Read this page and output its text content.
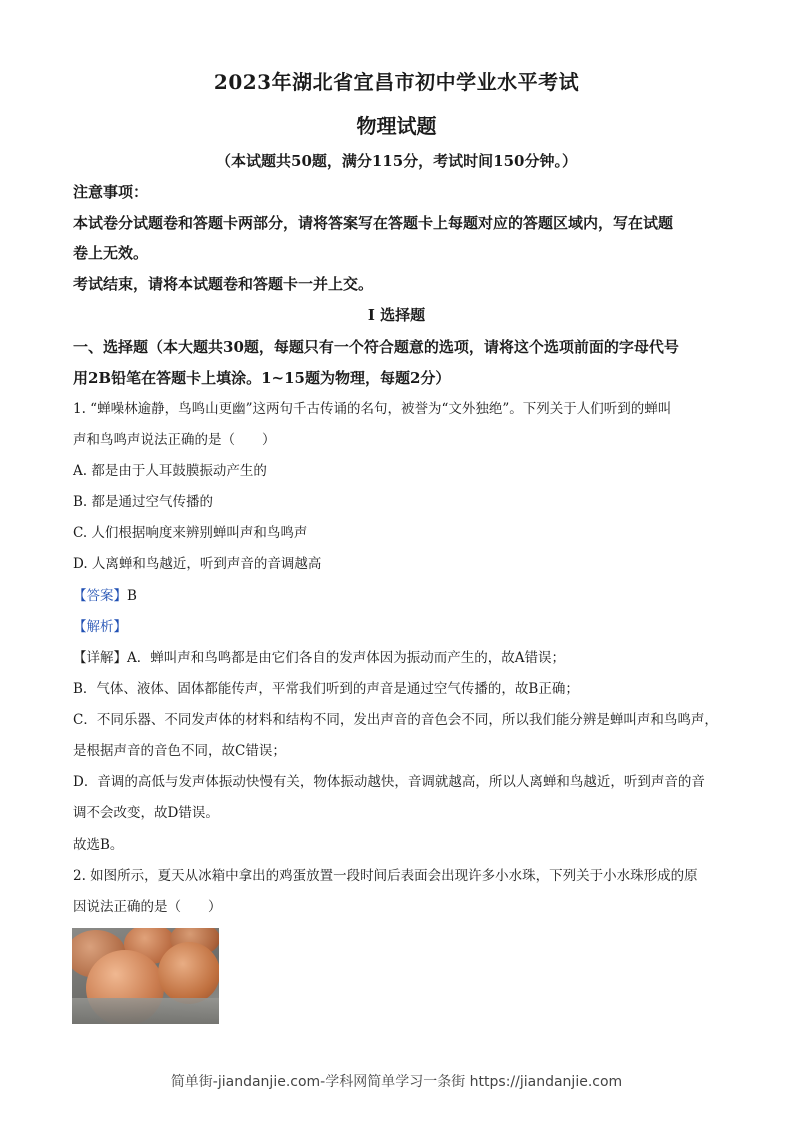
2023年湖北省宜昌市初中学业水平考试
物理试题
（本试题共50题，满分115分，考试时间150分钟。）
注意事项：
本试卷分试题卷和答题卡两部分，请将答案写在答题卡上每题对应的答题区域内，写在试题
卷上无效。
考试结束，请将本试题卷和答题卡一并上交。
I 选择题
一、选择题（本大题共30题，每题只有一个符合题意的选项，请将这个选项前面的字母代号
用2B铅笔在答题卡上填涂。1~15题为物理，每题2分）
1. “蝉噪林逾静，鸟鸣山更幽”这两句千古传诵的名句，被誉为“文外独绝”。下列关于人们听到的蝉叫
声和鸟鸣声说法正确的是（　　）
A. 都是由于人耳鼓膜振动产生的
B. 都是通过空气传播的
C. 人们根据响度来辨别蝉叫声和鸟鸣声
D. 人离蝉和鸟越近，听到声音的音调越高
【答案】B
【解析】
【详解】A．蝉叫声和鸟鸣都是由它们各自的发声体因为振动而产生的，故A错误；
B．气体、液体、固体都能传声，平常我们听到的声音是通过空气传播的，故B正确；
C．不同乐器、不同发声体的材料和结构不同，发出声音的音色会不同，所以我们能分辨是蝉叫声和鸟鸣声，
是根据声音的音色不同，故C错误；
D．音调的高低与发声体振动快慢有关，物体振动越快，音调就越高，所以人离蝉和鸟越近，听到声音的音
调不会改变，故D错误。
故选B。
2. 如图所示，夏天从冰箱中拿出的鸡蛋放置一段时间后表面会出现许多小水珠，下列关于小水珠形成的原
因说法正确的是（　　）
简单街-jiandanjie.com-学科网简单学习一条街 https://jiandanjie.com
